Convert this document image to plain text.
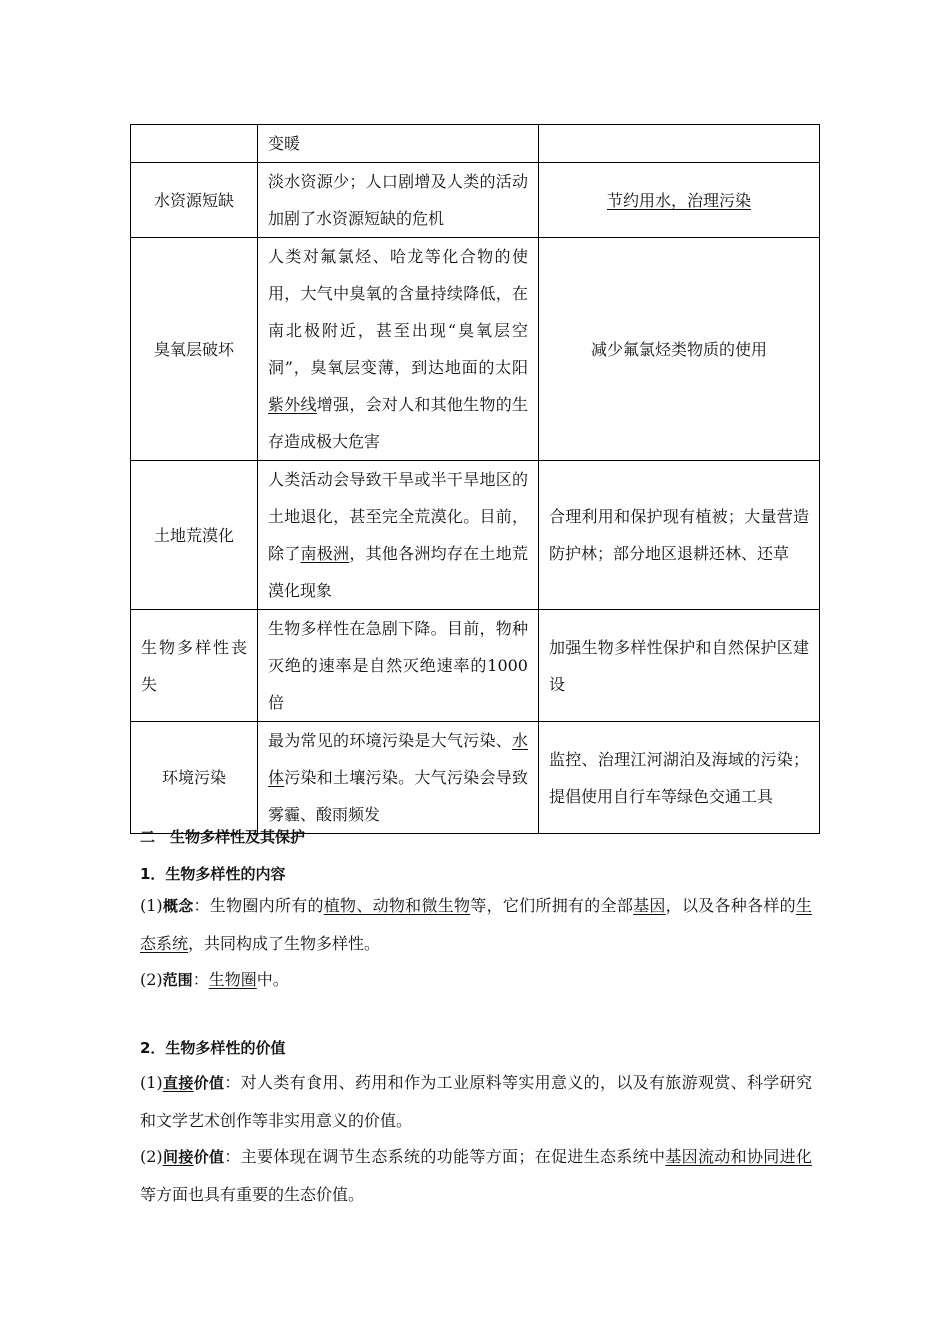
	变暖	
水资源短缺	淡水资源少；人口剧增及人类的活动加剧了水资源短缺的危机	节约用水，治理污染
臭氧层破坏	人类对氟氯烃、哈龙等化合物的使用，大气中臭氧的含量持续降低，在南北极附近，甚至出现“臭氧层空洞”，臭氧层变薄，到达地面的太阳紫外线增强，会对人和其他生物的生存造成极大危害	减少氟氯烃类物质的使用
土地荒漠化	人类活动会导致干旱或半干旱地区的土地退化，甚至完全荒漠化。目前，除了南极洲，其他各洲均存在土地荒漠化现象	合理利用和保护现有植被；大量营造防护林；部分地区退耕还林、还草
生物多样性丧失	生物多样性在急剧下降。目前，物种灭绝的速率是自然灭绝速率的1000倍	加强生物多样性保护和自然保护区建设
环境污染	最为常见的环境污染是大气污染、水体污染和土壤污染。大气污染会导致雾霾、酸雨频发	监控、治理江河湖泊及海域的污染；提倡使用自行车等绿色交通工具
二　生物多样性及其保护
1．生物多样性的内容
(1)概念：生物圈内所有的植物、动物和微生物等，它们所拥有的全部基因，以及各种各样的生态系统，共同构成了生物多样性。
(2)范围：生物圈中。
2．生物多样性的价值
(1)直接价值：对人类有食用、药用和作为工业原料等实用意义的，以及有旅游观赏、科学研究和文学艺术创作等非实用意义的价值。
(2)间接价值：主要体现在调节生态系统的功能等方面；在促进生态系统中基因流动和协同进化等方面也具有重要的生态价值。
